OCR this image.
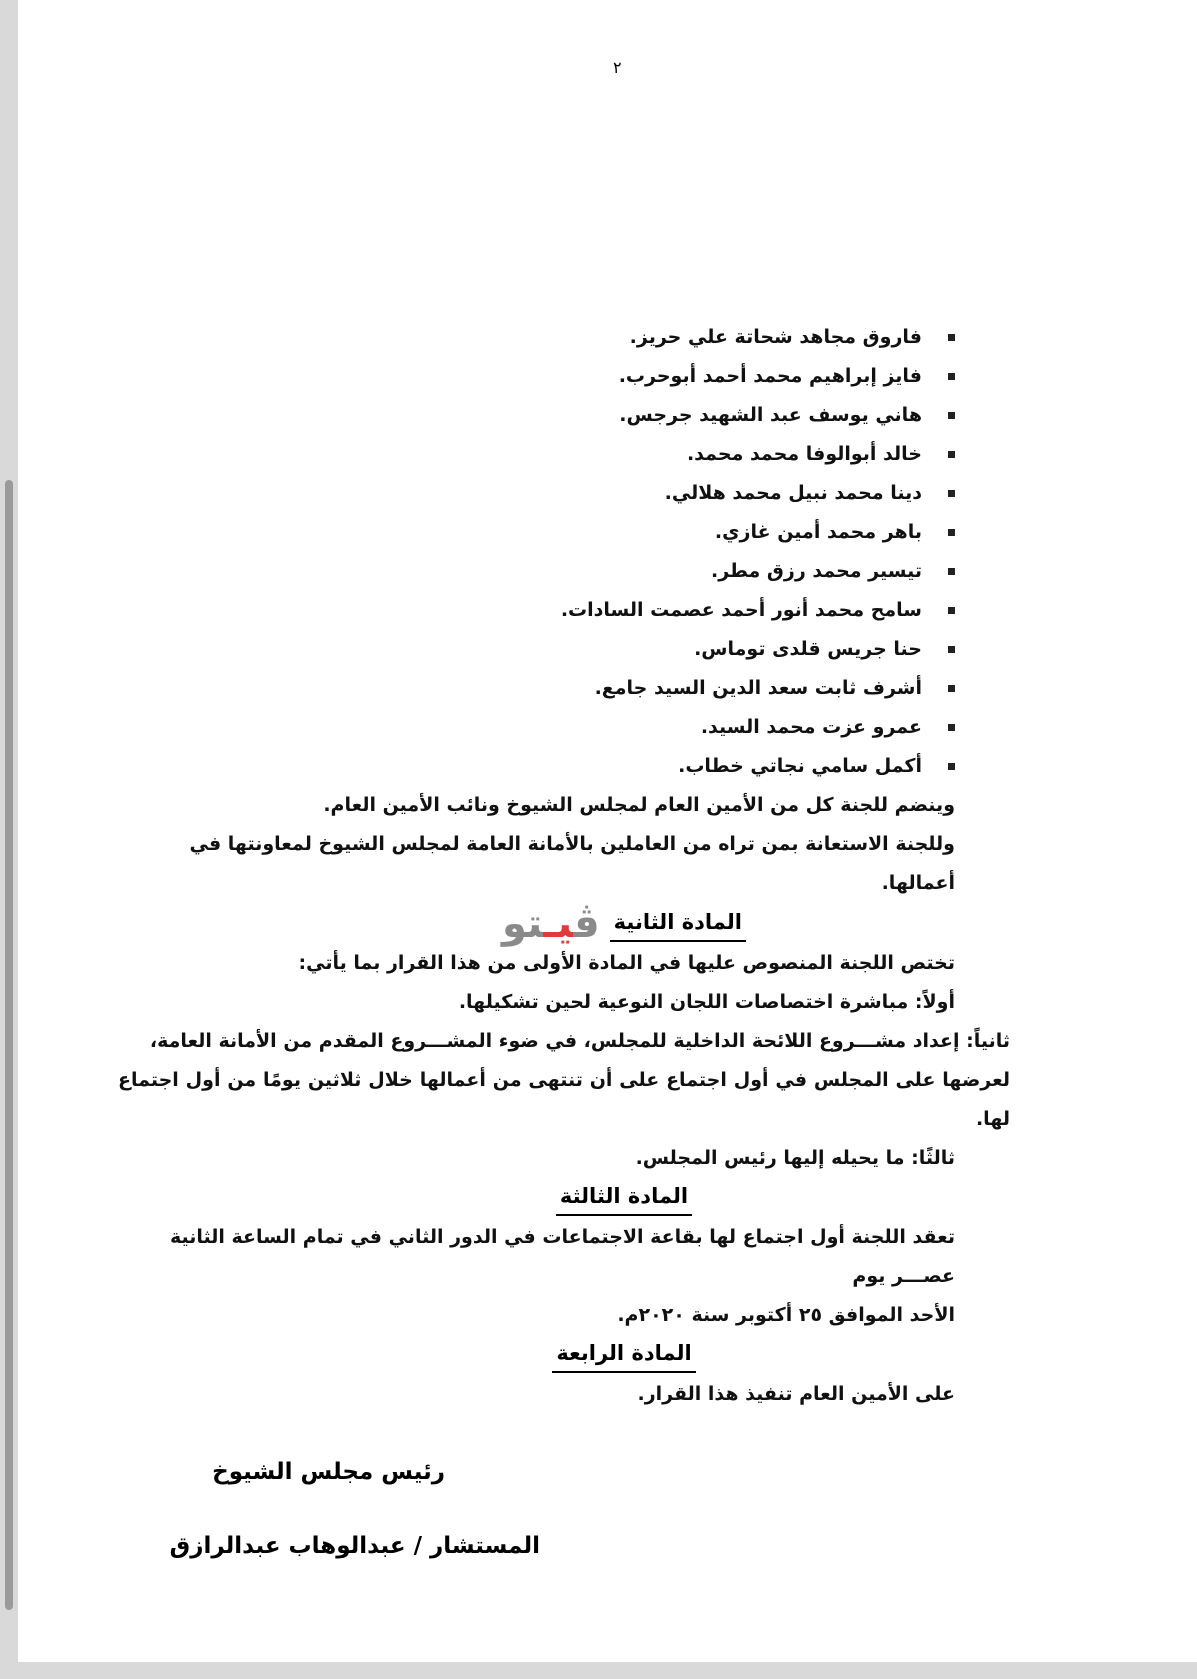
٢
فاروق مجاهد شحاتة علي حريز.
فايز إبراهيم محمد أحمد أبوحرب.
هاني يوسف عبد الشهيد جرجس.
خالد أبوالوفا محمد محمد.
دينا محمد نبيل محمد هلالي.
باهر محمد أمين غازي.
تيسير محمد رزق مطر.
سامح محمد أنور أحمد عصمت السادات.
حنا جريس قلدى توماس.
أشرف ثابت سعد الدين السيد جامع.
عمرو عزت محمد السيد.
أكمل سامي نجاتي خطاب.
وينضم للجنة كل من الأمين العام لمجلس الشيوخ ونائب الأمين العام.
وللجنة الاستعانة بمن تراه من العاملين بالأمانة العامة لمجلس الشيوخ لمعاونتها في أعمالها.
المادة الثانيةڤيـتو
تختص اللجنة المنصوص عليها في المادة الأولى من هذا القرار بما يأتي:
أولاً: مباشرة اختصاصات اللجان النوعية لحين تشكيلها.
ثانياً: إعداد مشـــروع اللائحة الداخلية للمجلس، في ضوء المشـــروع المقدم من الأمانة العامة،
لعرضها على المجلس في أول اجتماع على أن تنتهى من أعمالها خلال ثلاثين يومًا من أول اجتماع لها.
ثالثًا: ما يحيله إليها رئيس المجلس.
المادة الثالثة
تعقد اللجنة أول اجتماع لها بقاعة الاجتماعات في الدور الثاني في تمام الساعة الثانية عصـــر يوم
الأحد الموافق ٢٥ أكتوبر سنة ٢٠٢٠م.
المادة الرابعة
على الأمين العام تنفيذ هذا القرار.
رئيس مجلس الشيوخ
المستشار / عبدالوهاب عبدالرازق
